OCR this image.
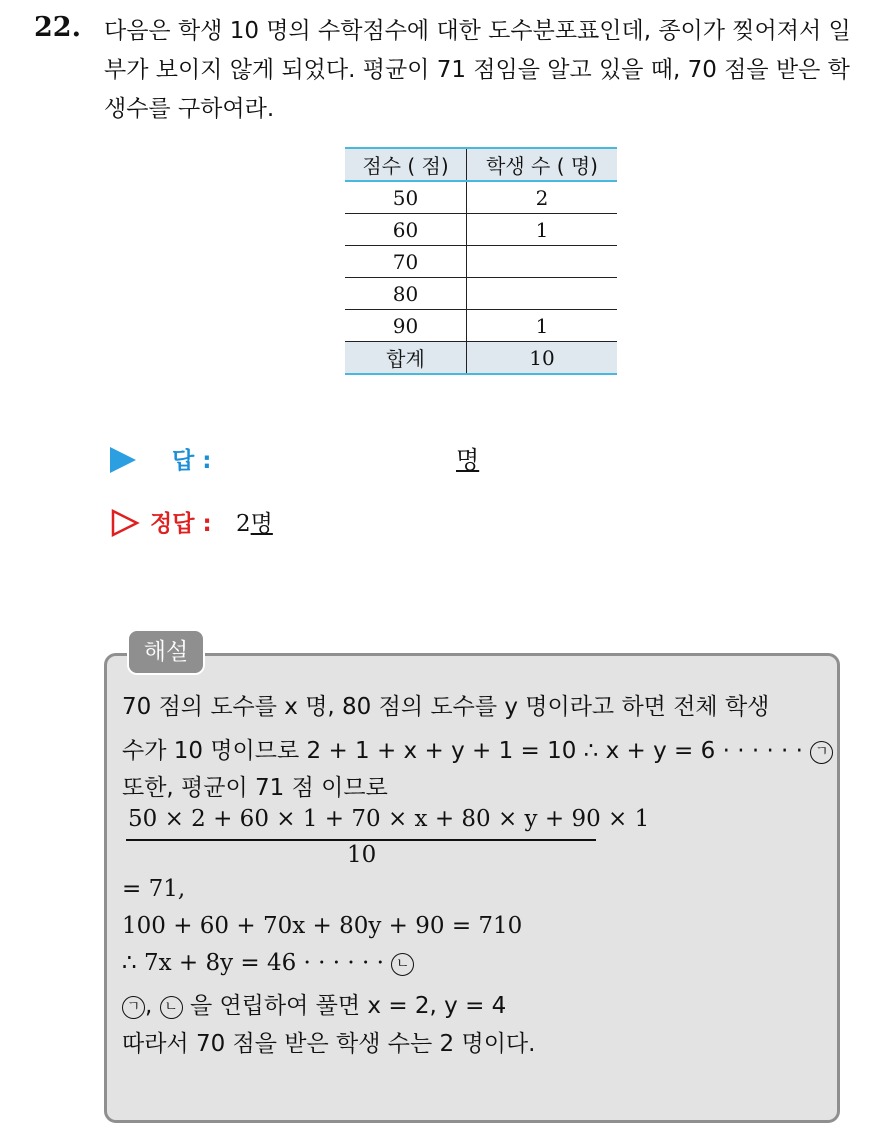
22. 다음은 학생 10 명의 수학점수에 대한 도수분포표인데, 종이가 찢어져서 일부가 보이지 않게 되었다. 평균이 71 점임을 알고 있을 때, 70 점을 받은 학생수를 구하여라.
점수 ( 점)	학생 수 ( 명)
50	2
60	1
70	
80	
90	1
합계	10
답 :	명
정답 : 2명
해설
70 점의 도수를 x 명, 80 점의 도수를 y 명이라고 하면 전체 학생
수가 10 명이므로 2 + 1 + x + y + 1 = 10 ∴ x + y = 6 · · · · · · ㄱ
또한, 평균이 71 점 이므로
50 × 2 + 60 × 1 + 70 × x + 80 × y + 90 × 1
10
= 71,
100 + 60 + 70x + 80y + 90 = 710
∴ 7x + 8y = 46 · · · · · · ㄴ
ㄱ , ㄴ 을 연립하여 풀면 x = 2, y = 4
따라서 70 점을 받은 학생 수는 2 명이다.
